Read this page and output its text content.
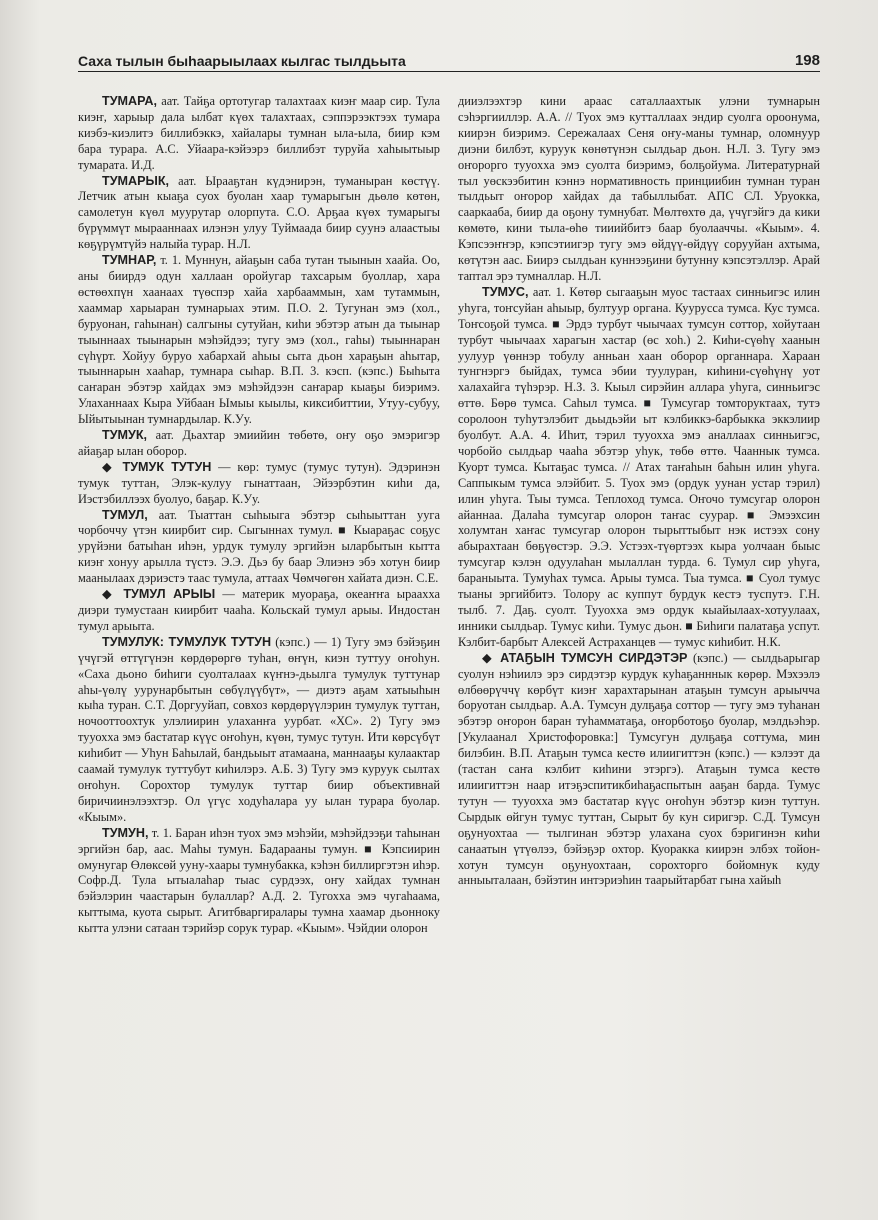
Саха тылын быhаарыылаах кылгас тылдьыта	198

ТУМАРА, аат. Тайҕа ортотугар талахтаах киэҥ маар сир. Тула киэҥ, харыыр дала ылбат күөх талахтаах, сэппэрээктээх тумара киэбэ-киэлитэ биллибэккэ, хайалары тумнан ыла-ыла, биир кэм бара турара. А.С. Уйаара-кэйээрэ биллибэт туруйа хаһыытыыр тумарата. И.Д.

ТУМАРЫК, аат. Ырааҕтан күдэнирэн, туманыран көстүү. Летчик атын кыаҕа суох буолан хаар тумарыгын дьөлө көтөн, самолетун күөл муурутар олорпута. С.О. Арҕаа күөх тумарыгы бүрүммүт мырааннаах илэнэн улуу Туймаада биир суунэ алаастыы көҕүрүмтүйэ налыйа турар. Н.Л.

ТУМНАР, т. 1. Муннун, айаҕын саба тутан тыынын хаайа. Оо, аны биирдэ одун халлаан оройугар тахсарым буоллар, хара өстөөхпүн хаанаах түөспэр хайа харбааммын, хам тутаммын, хааммар харыаран тумнарыах этим. П.О. 2. Тугунан эмэ (хол., буруонан, гаһынан) салгыны сутуйан, киһи эбэтэр атын да тыынар тыыннаах тыынарын мэһэйдээ; тугу эмэ (хол., гаһы) тыыннаран сүһүрт. Хойуу буруо хабархай аһыы сыта дьон хараҕын аһытар, тыыннарын хааһар, тумнара сыһар. В.П. 3. кэсп. (кэпс.) Быһыта саҥаран эбэтэр хайдах эмэ мэһэйдээн саҥарар кыаҕы биэримэ. Улаханнаах Кыра Уйбаан Ымыы кыылы, киксибиттии, Утуу-субуу, Ыйытыынан тумнардылар. К.Уу.

ТУМУК, аат. Дьахтар эмиийин төбөтө, оҥу оҕо эмэригэр айаҕар ылан оборор.

◆ ТУМУК ТУТУН — көр: тумус (тумус тутун). Эдэринэн тумук туттан, Элэк-кулуу гынаттаан, Эйээрбэтин киһи да, Иэстэбиллээх буолуо, баҕар. К.Уу.

ТУМУЛ, аат. Тыаттан сыһыыга эбэтэр сыһыыттан ууга чорбоччу үтэн киирбит сир. Сыгыннах тумул. ■ Кыараҕас соҕус урүйэни батыһан иһэн, урдук тумулу эргийэн ыларбытын кытта киэҥ хонуу арылла түстэ. Э.Э. Дьэ бу баар Элиэнэ эбэ хотун биир маанылаах дэриэстэ таас тумула, аттаах Чөмчөгөн хайата диэн. С.Е.

◆ ТУМУЛ АРЫЫ — материк муораҕа, океаҥҥа ыраахха диэри тумустаан киирбит чааһа. Кольскай тумул арыы. Индостан тумул арыыта.

ТУМУЛУК: ТУМУЛУК ТУТУН (кэпс.) — 1) Тугу эмэ бэйэҕин үчүгэй өттүгүнэн көрдөрөргө туһан, өҥүн, киэн туттуу оҥоһун. «Саха дьоно биһиги суолталаах күҥнэ-дьылга тумулук туттунар аһы-үөлү уурунарбытын сөбүлүүбүт», — диэтэ аҕам хатыыһын кыһа туран. С.Т. Доргууйап, совхоз көрдөрүүлэрин тумулук туттан, ночооттоохтук улэлиирин улаханҥа уурбат. «ХС». 2) Тугу эмэ тууохха эмэ бастатар күүс оҥоһун, күөн, тумус тутун. Ити көрсүбүт киһибит — Уһун Баһылай, бандьыыт атамаана, маннааҕы кулаактар саамай тумулук туттубут киһилэрэ. А.Б. 3) Тугу эмэ куруук сылтах оҥоһун. Сорохтор тумулук туттар биир объективнай биричиинэлээхтэр. Ол үгүс ходуһалара уу ылан турара буолар. «Кыым».

ТУМУН, т. 1. Баран иһэн туох эмэ мэһэйи, мэһэйдээҕи таһынан эргийэн бар, аас. Маһы тумун. Бадарааны тумун. ■ Кэпсиирин омунугар Өлөксөй ууну-хаары тумнубакка, кэһэн биллиргэтэн иһэр. Софр.Д. Тула ытыалаһар тыас сурдээх, оҥу хайдах тумнан бэйэлэрин чаастарын булаллар? А.Д. 2. Тугохха эмэ чугаһаама, кыттыма, куота сырыт. Агитбваргиралары тумна хаамар дьонноку кытта улэни сатаан тэрийэр сорук турар. «Кыым». Чэйдии олорон

дииэлээхтэр кини араас саталлаахтык улэни тумнарын сэһэргииллэр. А.А. // Туох эмэ кутталлаах эндир суолга ороонума, киирэн биэримэ. Сережалаах Сеня оҥу-маны тумнар, оломнуур диэни билбэт, куруук көнөтүнэн сылдьар дьон. Н.Л. 3. Тугу эмэ оҥорорго тууохха эмэ суолта биэримэ, болҕойума. Литературнай тыл уөскээбитин кэннэ нормативность принциибин тумнан туран тылдьыт оҥорор хайдах да табыллыбат. АПС СЛ. Уруокка, сааркааба, биир да оҕону тумнубат. Мөлтөхтө да, үчүгэйгэ да кики көмөтө, кини тыла-өһө тииийбитэ баар буолааччы. «Кыым». 4. Кэпсээҥҥэр, кэпсэтиигэр тугу эмэ өйдүү-өйдүү сорууйан ахтыма, көтүтэн аас. Биирэ сылдьан куннээҕини бутунну кэпсэтэллэр. Арай таптал эрэ тумналлар. Н.Л.

ТУМУС, аат. 1. Көтөр сыгааҕын муос тастаах синньигэс илин уһуга, тоҥсуйан аһыыр, бултуур органа. Куурусса тумса. Кус тумса. Тоҥсоҕой тумса. ■ Эрдэ турбут чыычаах тумсун соттор, хойутаан турбут чыычаах харагын хастар (өс хоһ.) 2. Киһи-сүөһү хаанын уулуур үөннэр тобулу анньан хаан оборор органнара. Хараан тунгнэргэ быйдах, тумса эбии туулуран, киһини-сүөһүнү уот халахайга түһэрэр. Н.З. 3. Кыыл сирэйин аллара уһуга, синньигэс өттө. Бөрө тумса. Саһыл тумса. ■ Тумсугар томторуктаах, тутэ соролоон туһутэлэбит дьыдьэйи ыт кэлбиккэ-барбыкка эккэлиир буолбут. А.А. 4. Иһит, тэрил тууохха эмэ аналлаах синньигэс, чорбойо сылдьар чааһа эбэтэр уһук, төбө өттө. Чааннык тумса. Куорт тумса. Кытаҕас тумса. // Атах таҥаһын баһын илин уһуга. Саппыкым тумса элэйбит. 5. Туох эмэ (ордук уунан устар тэрил) илин уһуга. Тыы тумса. Теплоход тумса. Оҥочо тумсугар олорон айаннаа. Далаһа тумсугар олорон таҥас суурар. ■ Эмээхсин холумтан хаҥас тумсугар олорон тырыттыбыт нэк истээх сону абырахтаан бөҕүөстэр. Э.Э. Устээх-түөртээх кыра уолчаан быыс тумсугар кэлэн одуулаһан мылаллан турда. 6. Тумул сир уһуга, бараныыта. Тумуһах тумса. Арыы тумса. Тыа тумса. ■ Суол тумус тыаны эргийбитэ. Толору ас куппут бурдук кестэ туспутэ. Г.Н. тылб. 7. Даҕ. суолт. Тууохха эмэ ордук кыайылаах-хотуулаах, инники сылдьар. Тумус киһи. Тумус дьон. ■ Биһиги палатаҕа успут. Кэлбит-барбыт Алексей Астраханцев — тумус киһибит. Н.К.

◆ АТАҔЫН ТУМСУН СИРДЭТЭР (кэпс.) — сылдьарыгар суолун нэһиилэ эрэ сирдэтэр курдук куһаҕанннык көрөр. Мэхээлэ өлбөөрүччү көрбүт киэҥ харахтарынан атаҕын тумсун арыычча боруотан сылдьар. А.А. Тумсун дулҕаҕа соттор — тугу эмэ туһанан эбэтэр оҥорон баран туһамматаҕа, оҥорботоҕо буолар, мэлдьэһэр. [Укулаанал Христофоровка:] Тумсугун дулҕаҕа соттума, мин билэбин. В.П. Атаҕын тумса кестө илиигиттэн (кэпс.) — кэлээт да (тастан саҥа кэлбит киһини этэргэ). Атаҕын тумса кестө илиигиттэн наар итэҕэспитикбиһаҕаспытын ааҕан барда. Тумус тутун — тууохха эмэ бастатар күүс оҥоһун эбэтэр киэн туттун. Сырдык өйгун тумус туттан, Сырыт бу кун сиригэр. С.Д. Тумсун оҕунуохтаа — тылгинан эбэтэр улахана суох бэригинэн киһи санаатын үтүөлээ, бэйэҕэр охтор. Куоракка киирэн элбэх тойон-хотун тумсун оҕунуохтаан, сорохторго бойомнук куду анныыталаан, бэйэтин интэриэһин таарыйтарбат гына хайыһ
